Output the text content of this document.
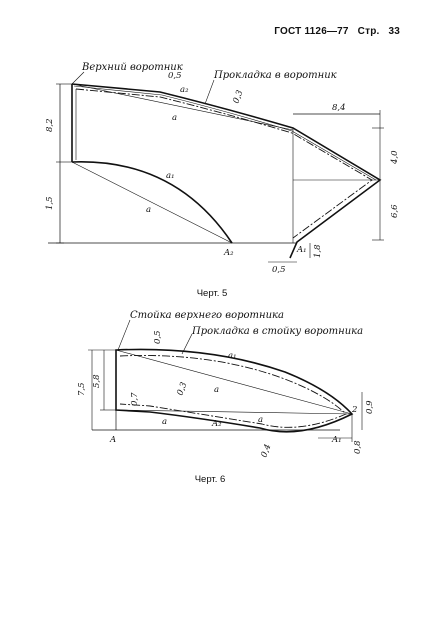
ГОСТ 1126—77 Стр. 33
Верхний воротник
Прокладка в воротник
a₂
a
a₁
a
A₂	A₁
0,5
0,3
8,2
1,5
8,4
4,0
6,6
0,5
1,8
Черт. 5
Стойка верхнего воротника
Прокладка в стойку воротника
a₁
a
a	a
A₂
A	A₁
2
0,5
7,5
5,8
0,7
0,3
0,9
0,4	0,8
Черт. 6
